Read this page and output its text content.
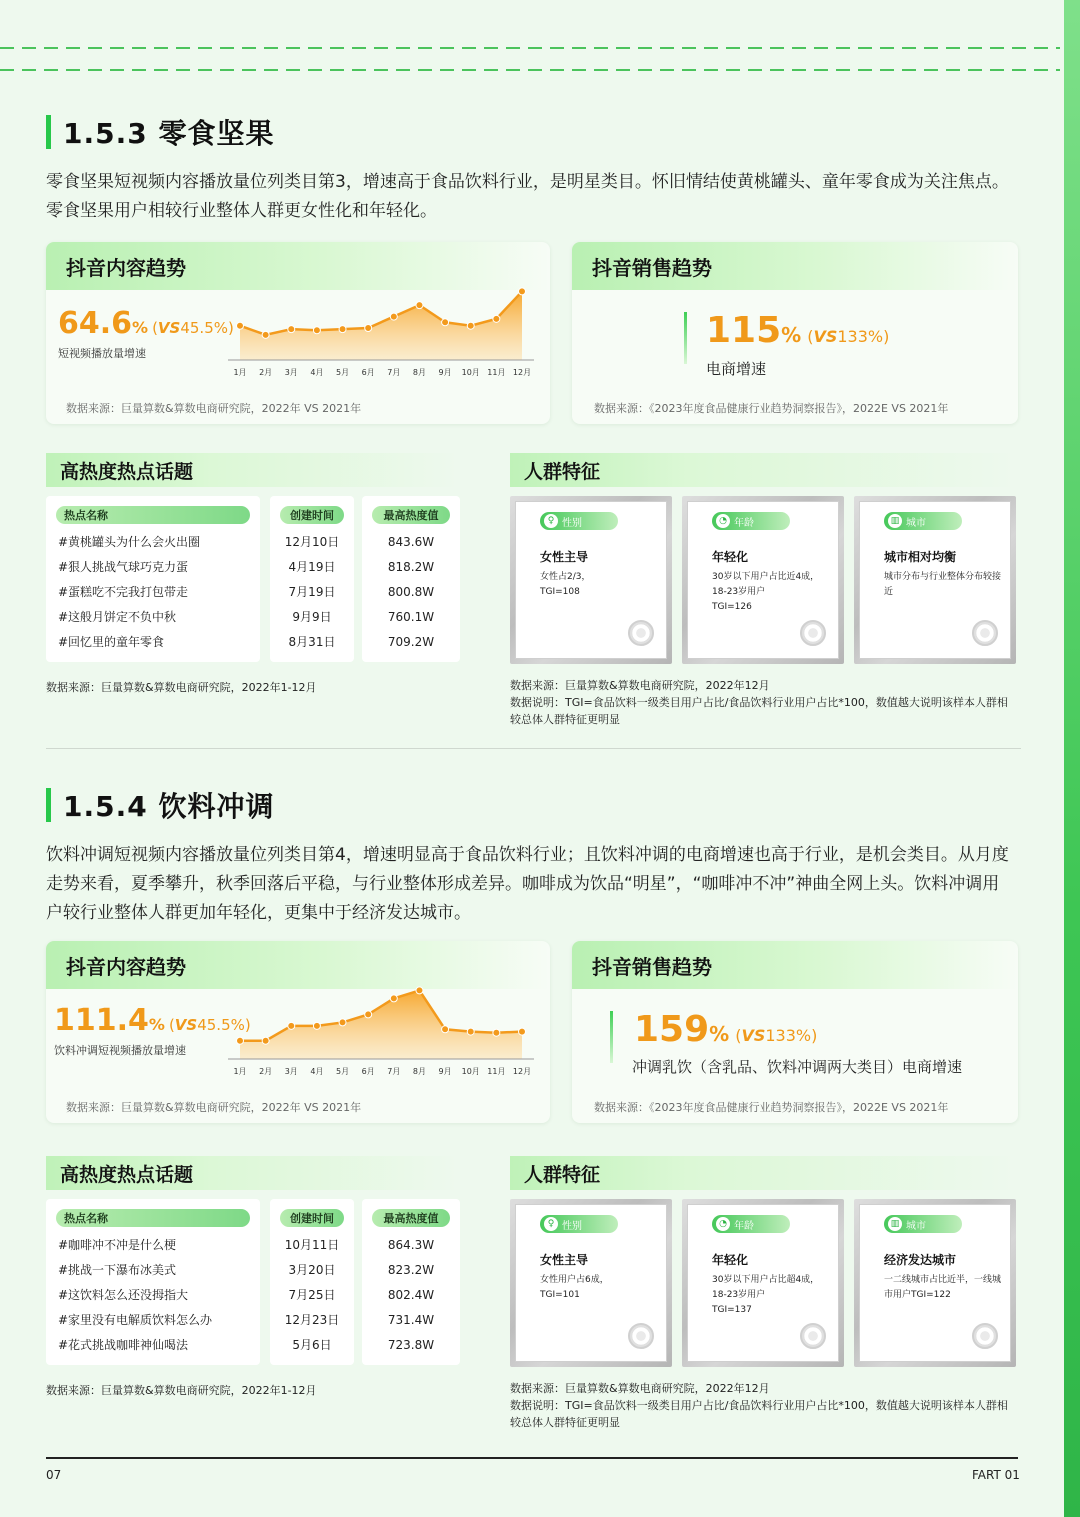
1.5.3 零食坚果
零食坚果短视频内容播放量位列类目第3，增速高于食品饮料行业，是明星类目。怀旧情结使黄桃罐头、童年零食成为关注焦点。零食坚果用户相较行业整体人群更女性化和年轻化。
抖音内容趋势
64.6 % (VS45.5%)
短视频播放量增速
1月 2月 3月 4月 5月 6月 7月 8月 9月 10月 11月 12月
数据来源：巨量算数&算数电商研究院，2022年 VS 2021年
抖音销售趋势
115 % (VS133%)
电商增速
数据来源：《2023年度食品健康行业趋势洞察报告》，2022E VS 2021年
高热度热点话题
热点名称
#黄桃罐头为什么会火出圈
#狠人挑战气球巧克力蛋
#蛋糕吃不完我打包带走
#这般月饼定不负中秋
#回忆里的童年零食
创建时间
12月10日
4月19日
7月19日
9月9日
8月31日
最高热度值
843.6W
818.2W
800.8W
760.1W
709.2W
数据来源：巨量算数&算数电商研究院，2022年1-12月
人群特征
♀ 性别
女性主导
女性占2/3，
TGI=108
◔ 年龄
年轻化
30岁以下用户占比近4成，18-23岁用户
TGI=126
▥ 城市
城市相对均衡
城市分布与行业整体分布较接近
数据来源：巨量算数&算数电商研究院，2022年12月
数据说明：TGI=食品饮料一级类目用户占比/食品饮料行业用户占比*100，数值越大说明该样本人群相较总体人群特征更明显
1.5.4 饮料冲调
饮料冲调短视频内容播放量位列类目第4，增速明显高于食品饮料行业；且饮料冲调的电商增速也高于行业，是机会类目。从月度走势来看，夏季攀升，秋季回落后平稳，与行业整体形成差异。咖啡成为饮品“明星”，“咖啡冲不冲”神曲全网上头。饮料冲调用户较行业整体人群更加年轻化，更集中于经济发达城市。
抖音内容趋势
111.4 % (VS45.5%)
饮料冲调短视频播放量增速
1月 2月 3月 4月 5月 6月 7月 8月 9月 10月 11月 12月
数据来源：巨量算数&算数电商研究院，2022年 VS 2021年
抖音销售趋势
159 % (VS133%)
冲调乳饮（含乳品、饮料冲调两大类目）电商增速
数据来源：《2023年度食品健康行业趋势洞察报告》，2022E VS 2021年
高热度热点话题
热点名称
#咖啡冲不冲是什么梗
#挑战一下瀑布冰美式
#这饮料怎么还没拇指大
#家里没有电解质饮料怎么办
#花式挑战咖啡神仙喝法
创建时间
10月11日
3月20日
7月25日
12月23日
5月6日
最高热度值
864.3W
823.2W
802.4W
731.4W
723.8W
数据来源：巨量算数&算数电商研究院，2022年1-12月
人群特征
♀ 性别
女性主导
女性用户占6成，
TGI=101
◔ 年龄
年轻化
30岁以下用户占比超4成，18-23岁用户
TGI=137
▥ 城市
经济发达城市
一二线城市占比近半，一线城市用户TGI=122
数据来源：巨量算数&算数电商研究院，2022年12月
数据说明：TGI=食品饮料一级类目用户占比/食品饮料行业用户占比*100，数值越大说明该样本人群相较总体人群特征更明显
07	FART 01
